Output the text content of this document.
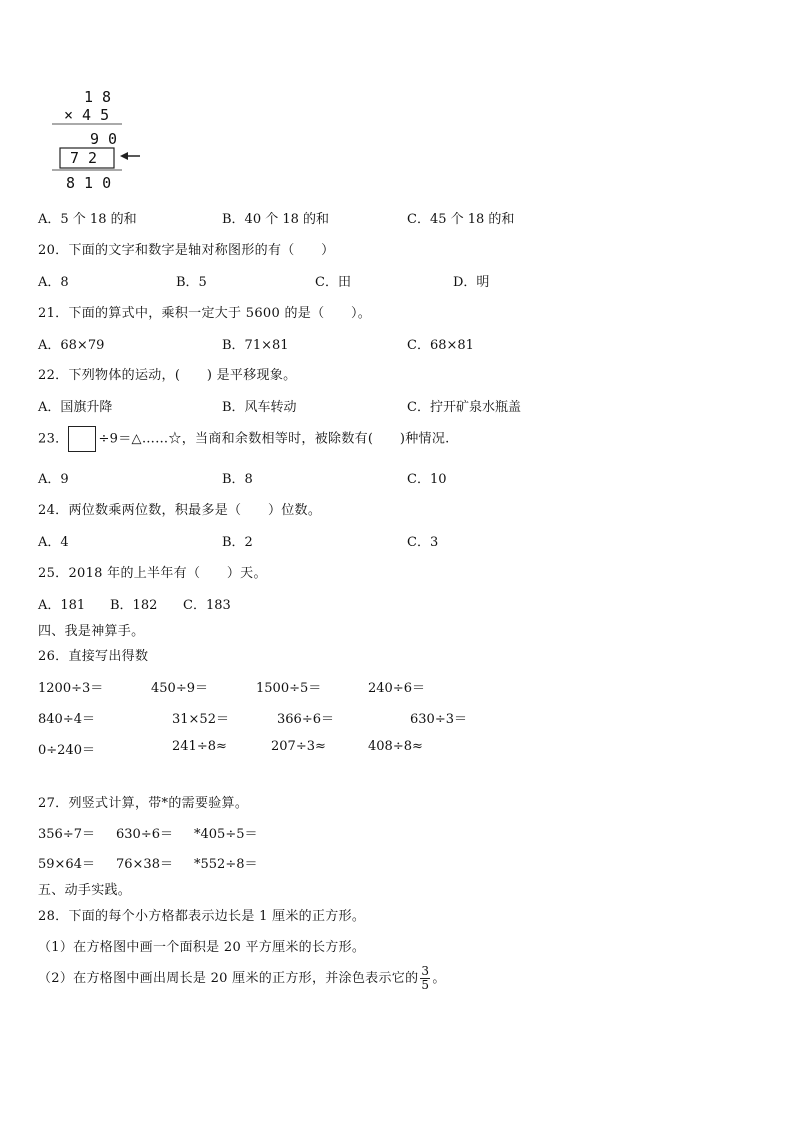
1 8
× 4 5
9 0
7 2
8 1 0
A．5 个 18 的和	B．40 个 18 的和	C．45 个 18 的和
20．下面的文字和数字是轴对称图形的有（　　）
A．8	B．5	C．田	D．明
21．下面的算式中，乘积一定大于 5600 的是（　　）。
A．68×79	B．71×81	C．68×81
22．下列物体的运动，(　　) 是平移现象。
A．国旗升降	B．风车转动	C．拧开矿泉水瓶盖
23． ÷9＝△……☆，当商和余数相等时，被除数有(　　)种情况.
A．9	B．8	C．10
24．两位数乘两位数，积最多是（　　）位数。
A．4	B．2	C．3
25．2018 年的上半年有（　　）天。
A．181 B．182 C．183
四、我是神算手。
26．直接写出得数
1200÷3＝	450÷9＝	1500÷5＝	240÷6＝
840÷4＝	31×52＝	366÷6＝	630÷3＝
0÷240＝	241÷8≈	207÷3≈	408÷8≈
27．列竖式计算，带*的需要验算。
356÷7＝ 630÷6＝ *405÷5＝
59×64＝ 76×38＝ *552÷8＝
五、动手实践。
28．下面的每个小方格都表示边长是 1 厘米的正方形。
（1）在方格图中画一个面积是 20 平方厘米的长方形。
（2）在方格图中画出周长是 20 厘米的正方形，并涂色表示它的 $\frac{3}{5}$ 。
